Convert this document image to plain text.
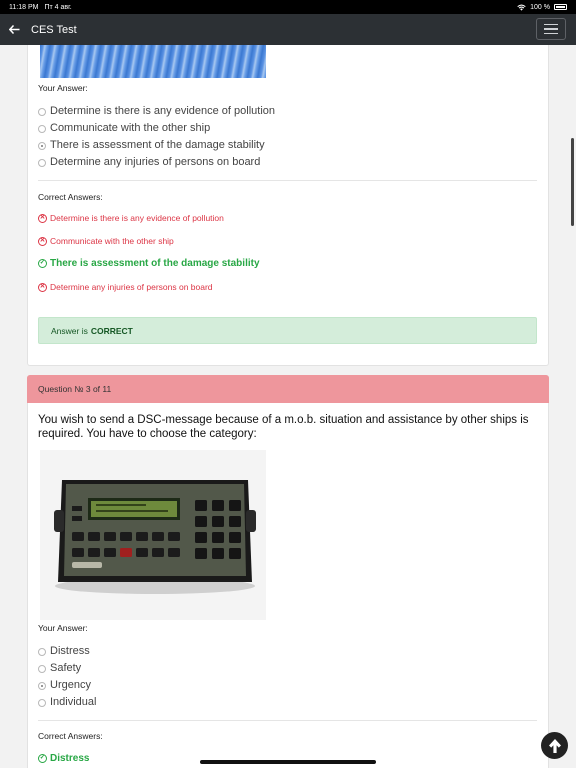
11:18 PM Пт 4 авг.	100 %
CES Test
Your Answer:
Determine is there is any evidence of pollution
Communicate with the other ship
There is assessment of the damage stability
Determine any injuries of persons on board
Correct Answers:
✕ Determine is there is any evidence of pollution
✕ Communicate with the other ship
✓ There is assessment of the damage stability
✕ Determine any injuries of persons on board
Answer is CORRECT
Question № 3 of 11
You wish to send a DSC-message because of a m.o.b. situation and assistance by other ships is required. You have to choose the category:
Your Answer:
Distress
Safety
Urgency
Individual
Correct Answers:
✓ Distress
